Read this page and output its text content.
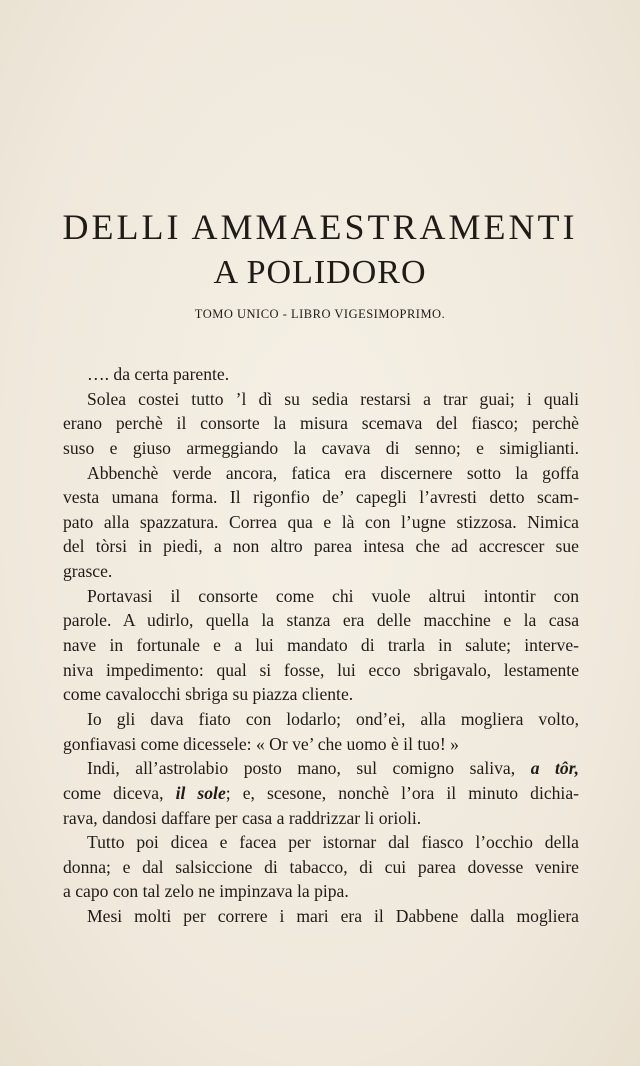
DELLI AMMAESTRAMENTI
A POLIDORO
TOMO UNICO - LIBRO VIGESIMOPRIMO.
…. da certa parente.
Solea costei tutto ’l dì su sedia restarsi a trar guai; i quali
erano perchè il consorte la misura scemava del fiasco; perchè
suso e giuso armeggiando la cavava di senno; e simiglianti.
Abbenchè verde ancora, fatica era discernere sotto la goffa
vesta umana forma. Il rigonfio de’ capegli l’avresti detto scam-
pato alla spazzatura. Correa qua e là con l’ugne stizzosa. Nimica
del tòrsi in piedi, a non altro parea intesa che ad accrescer sue
grasce.
Portavasi il consorte come chi vuole altrui intontir con
parole. A udirlo, quella la stanza era delle macchine e la casa
nave in fortunale e a lui mandato di trarla in salute; interve-
niva impedimento: qual si fosse, lui ecco sbrigavalo, lestamente
come cavalocchi sbriga su piazza cliente.
Io gli dava fiato con lodarlo; ond’ei, alla mogliera volto,
gonfiavasi come dicessele: « Or ve’ che uomo è il tuo! »
Indi, all’astrolabio posto mano, sul comigno saliva, a tôr,
come diceva, il sole; e, scesone, nonchè l’ora il minuto dichia-
rava, dandosi daffare per casa a raddrizzar li orioli.
Tutto poi dicea e facea per istornar dal fiasco l’occhio della
donna; e dal salsiccione di tabacco, di cui parea dovesse venire
a capo con tal zelo ne impinzava la pipa.
Mesi molti per correre i mari era il Dabbene dalla mogliera
